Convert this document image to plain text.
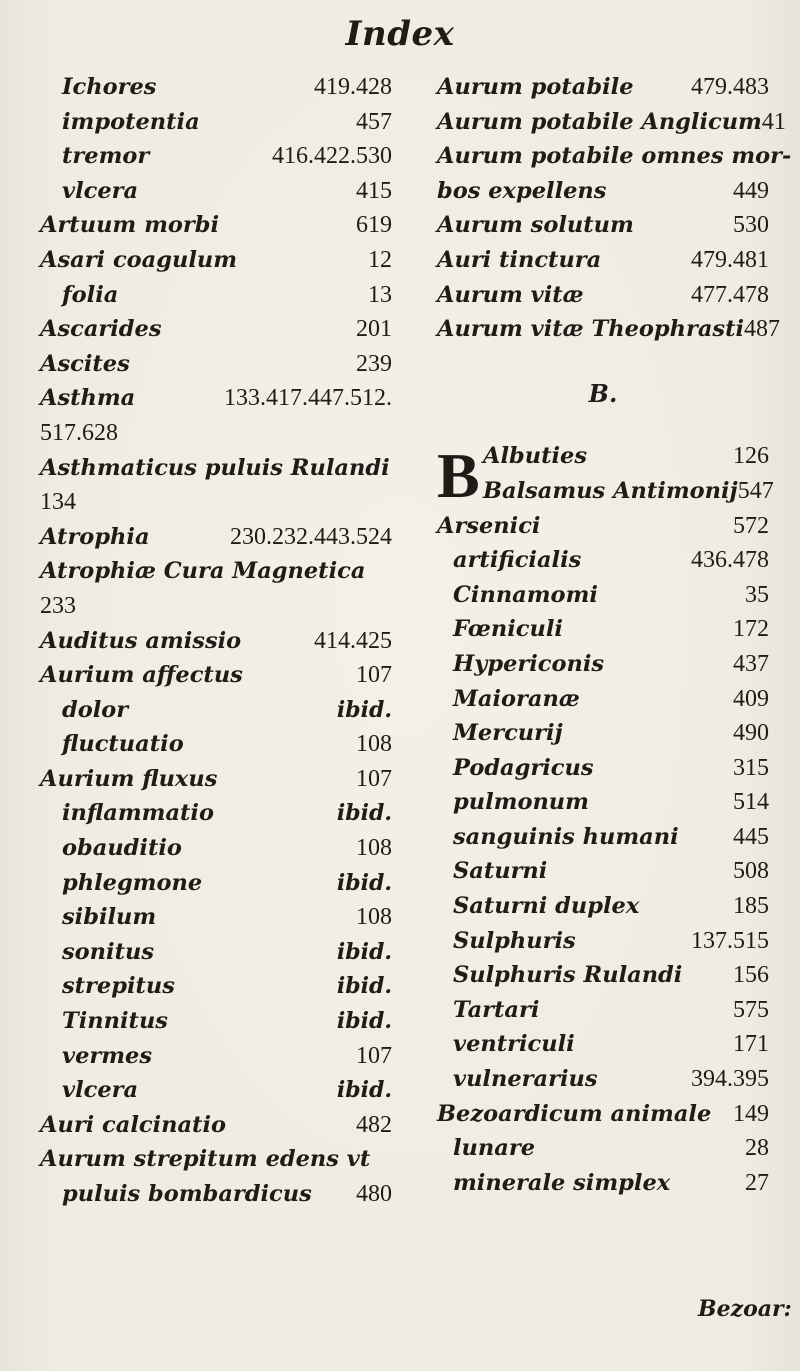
Index
Ichores	419.428
impotentia	457
tremor	416.422.530
vlcera	415
Artuum morbi	619
Asari coagulum	12
folia	13
Ascarides	201
Ascites	239
Asthma	133.417.447.512.
517.628
Asthmaticus puluis Rulandi
134
Atrophia	230.232.443.524
Atrophiæ Cura Magnetica
233
Auditus amissio	414.425
Aurium affectus	107
dolor	ibid.
fluctuatio	108
Aurium fluxus	107
inflammatio	ibid.
obauditio	108
phlegmone	ibid.
sibilum	108
sonitus	ibid.
strepitus	ibid.
Tinnitus	ibid.
vermes	107
vlcera	ibid.
Auri calcinatio	482
Aurum strepitum edens vt
puluis bombardicus 480
Aurum potabile 479.483
Aurum potabile Anglicum 41
Aurum potabile omnes mor-
bos expellens	449
Aurum solutum	530
Auri tinctura	479.481
Aurum vitæ	477.478
Aurum vitæ Theophrasti 487
B.
B Albuties	126
Balsamus Antimonij 547
Arsenici	572
artificialis	436.478
Cinnamomi	35
Fœniculi	172
Hypericonis	437
Maioranæ	409
Mercurij	490
Podagricus	315
pulmonum	514
sanguinis humani 445
Saturni	508
Saturni duplex	185
Sulphuris	137.515
Sulphuris Rulandi 156
Tartari	575
ventriculi	171
vulnerarius	394.395
Bezoardicum animale 149
lunare	28
minerale simplex	27
Bezoar:
